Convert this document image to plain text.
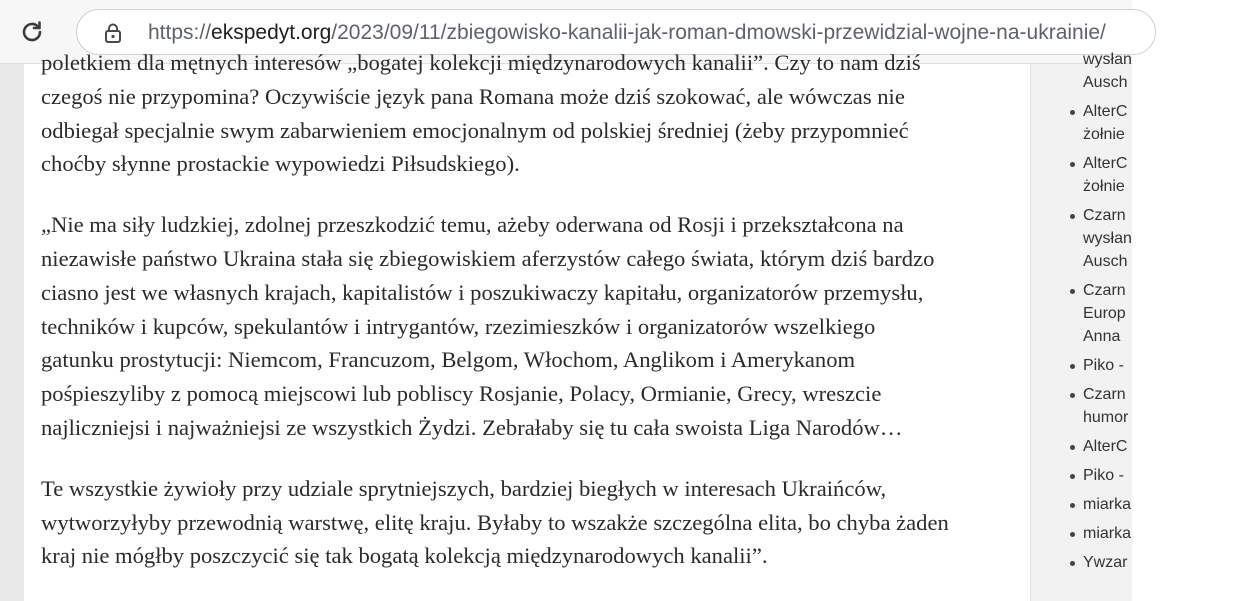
https://ekspedyt.org/2023/09/11/zbiegowisko-kanalii-jak-roman-dmowski-przewidzial-wojne-na-ukrainie/

poletkiem dla mętnych interesów „bogatej kolekcji międzynarodowych kanalii”. Czy to nam dziś
czegoś nie przypomina? Oczywiście język pana Romana może dziś szokować, ale wówczas nie
odbiegał specjalnie swym zabarwieniem emocjonalnym od polskiej średniej (żeby przypomnieć
choćby słynne prostackie wypowiedzi Piłsudskiego).

„Nie ma siły ludzkiej, zdolnej przeszkodzić temu, ażeby oderwana od Rosji i przekształcona na
niezawisłe państwo Ukraina stała się zbiegowiskiem aferzystów całego świata, którym dziś bardzo
ciasno jest we własnych krajach, kapitalistów i poszukiwaczy kapitału, organizatorów przemysłu,
techników i kupców, spekulantów i intrygantów, rzezimieszków i organizatorów wszelkiego
gatunku prostytucji: Niemcom, Francuzom, Belgom, Włochom, Anglikom i Amerykanom
pośpieszyliby z pomocą miejscowi lub pobliscy Rosjanie, Polacy, Ormianie, Grecy, wreszcie
najliczniejsi i najważniejsi ze wszystkich Żydzi. Zebrałaby się tu cała swoista Liga Narodów…

Te wszystkie żywioły przy udziale sprytniejszych, bardziej biegłych w interesach Ukraińców,
wytworzyłyby przewodnią warstwę, elitę kraju. Byłaby to wszakże szczególna elita, bo chyba żaden
kraj nie mógłby poszczycić się tak bogatą kolekcją międzynarodowych kanalii”.

wysłan
Ausch
AlterC
żołnie
AlterC
żołnie
Czarn
wysłan
Ausch
Czarn
Europ
Anna
Piko -
Czarn
humor
AlterC
Piko -
miarka
miarka
Ywzar
